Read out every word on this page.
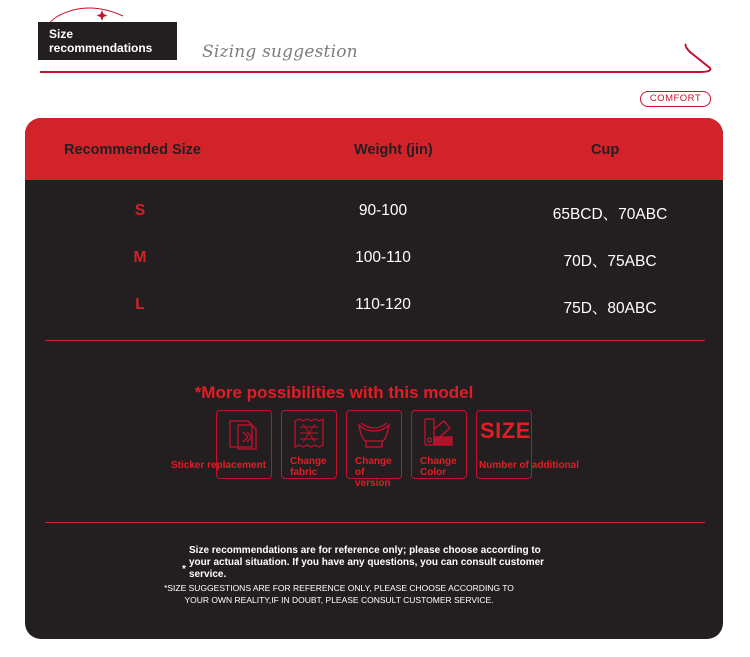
Size
recommendations	Sizing suggestion
COMFORT
Recommended Size	Weight (jin)	Cup
S	90-100	65BCD、70ABC
M	100-110	70D、75ABC
L	110-120	75D、80ABC
*More possibilities with this model
Sticker replacement Change
fabric
Change
of
version
Change
Color
SIZE
Number of additional
*
Size recommendations are for reference only; please choose according to
your actual situation. If you have any questions, you can consult customer
service.
*SIZE SUGGESTIONS ARE FOR REFERENCE ONLY, PLEASE CHOOSE ACCORDING TO
YOUR OWN REALITY,IF IN DOUBT, PLEASE CONSULT CUSTOMER SERVICE.
